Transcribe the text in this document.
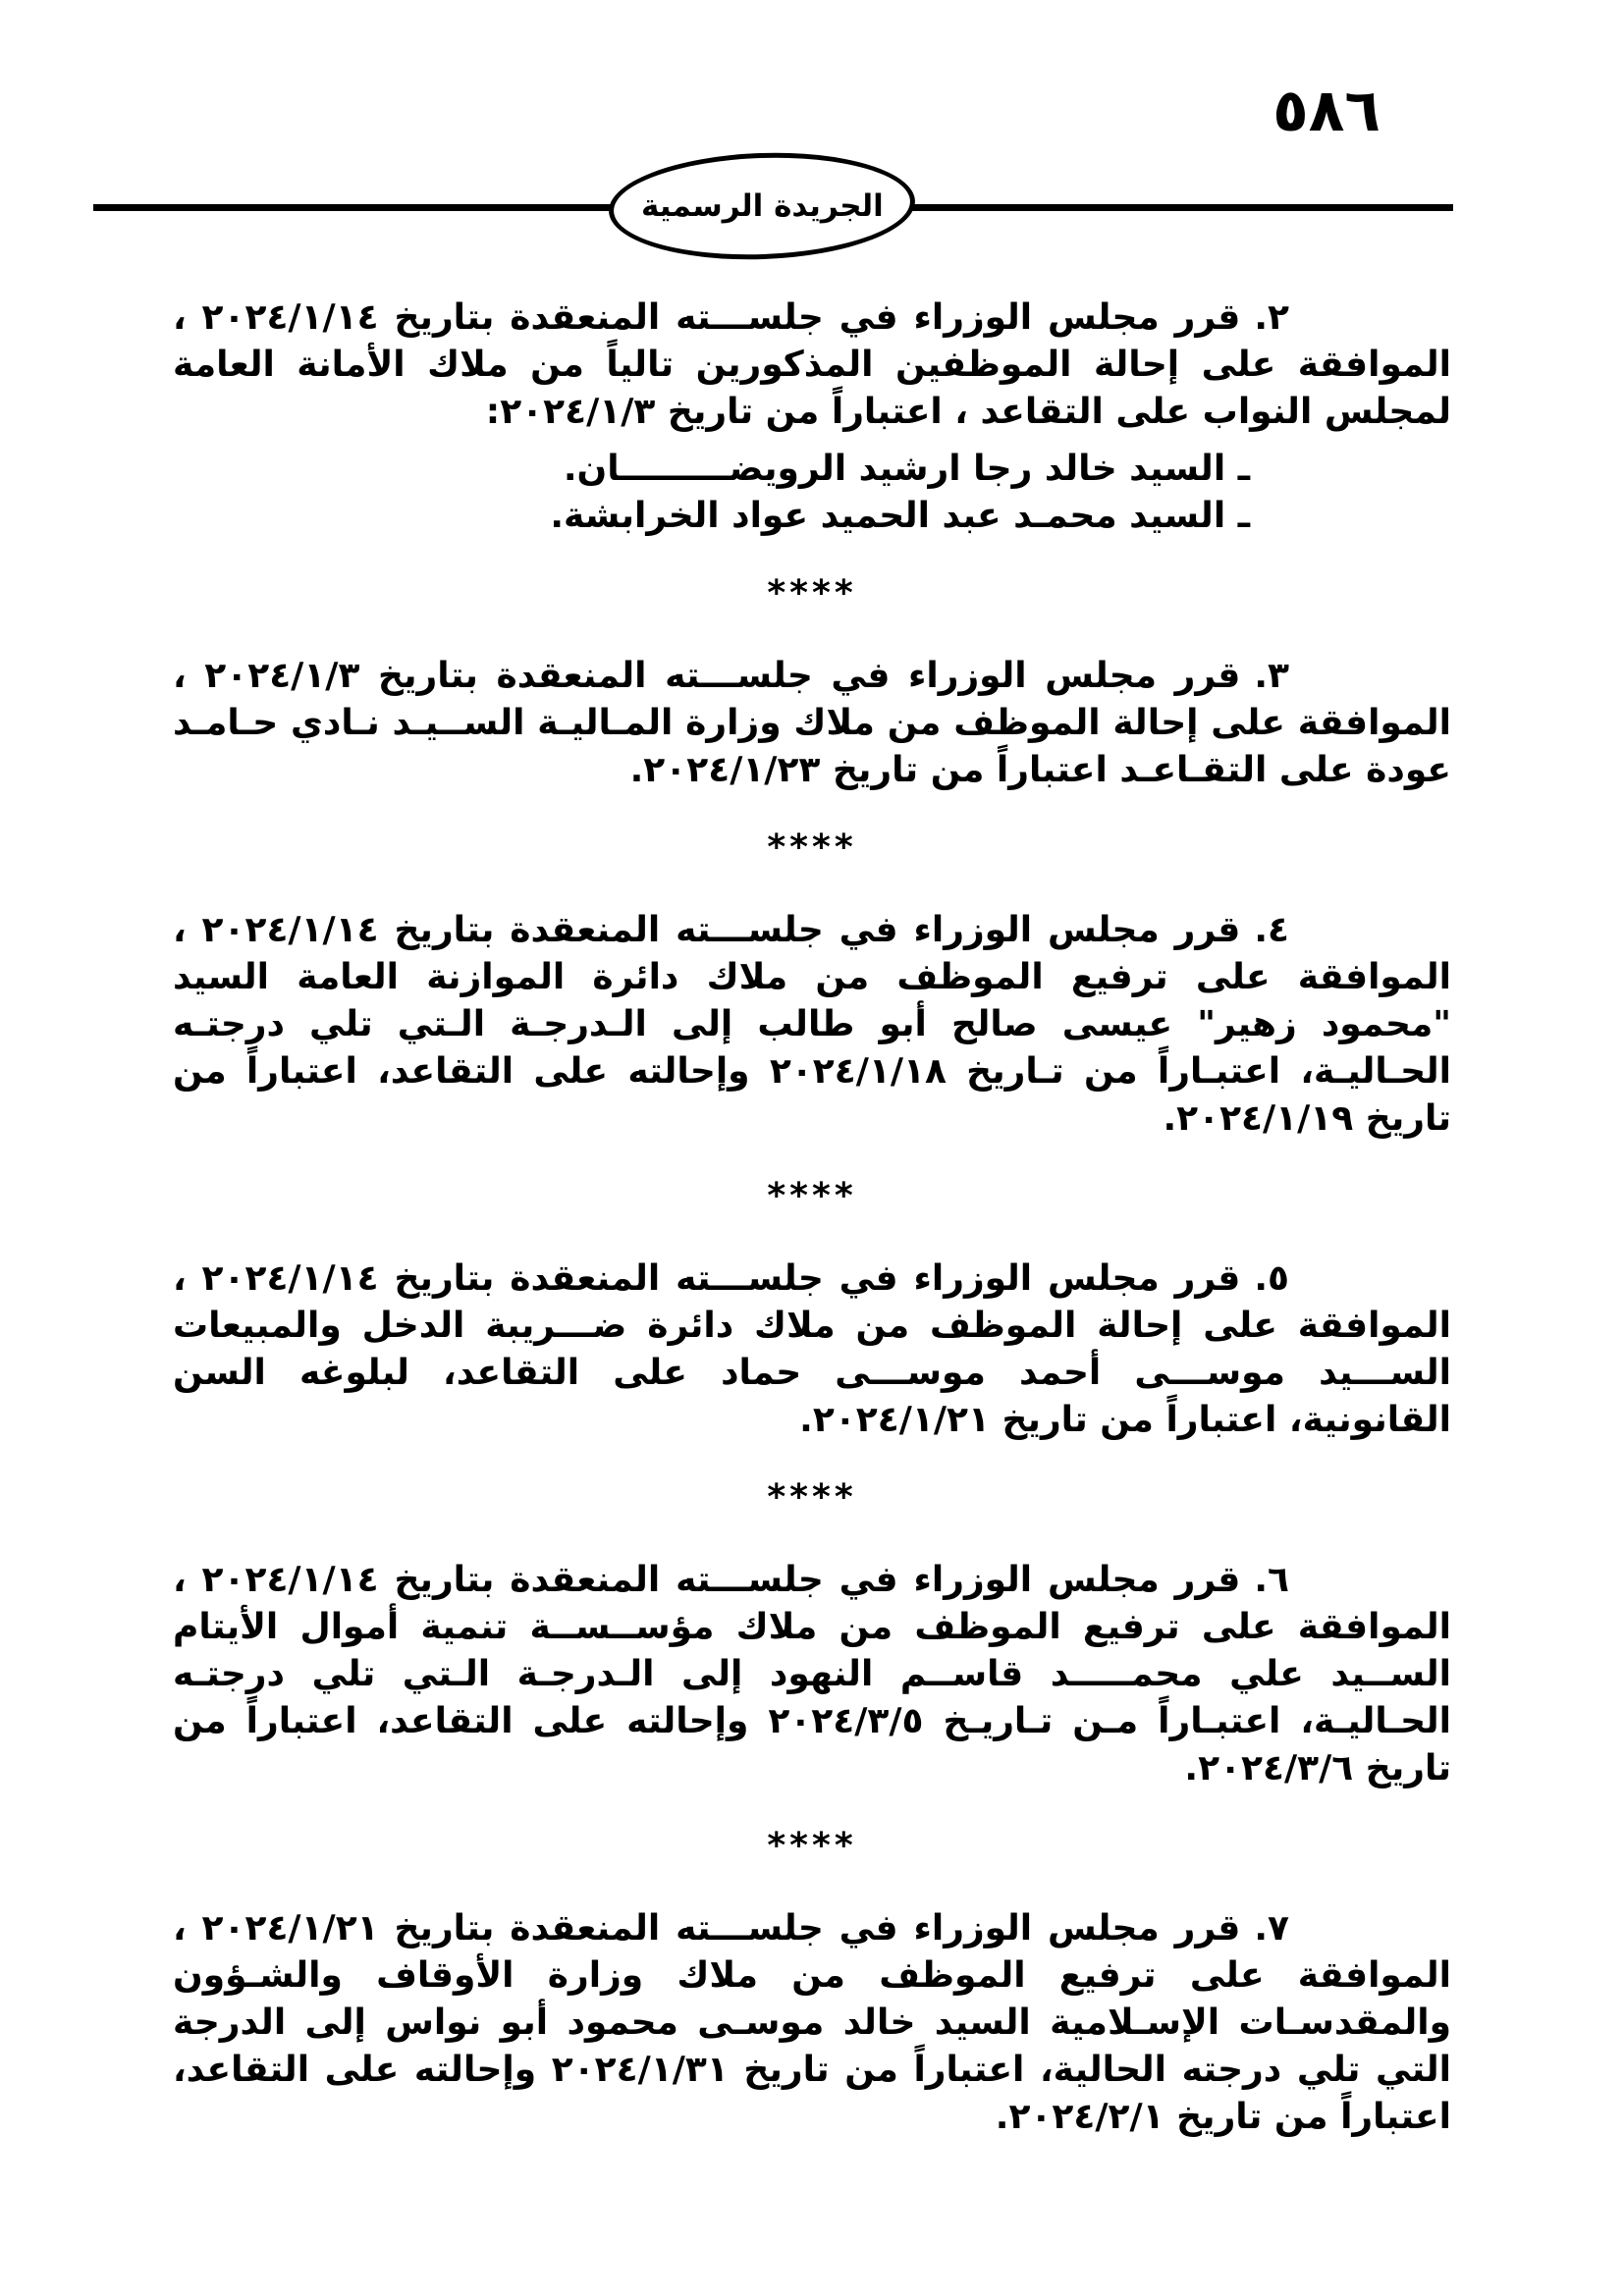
٥٨٦
الجريدة الرسمية

٢.قرر مجلس الوزراء في جلســـته المنعقدة بتاريخ ٢٠٢٤/١/١٤ ، الموافقة على إحالة الموظفين المذكورين تالياً من ملاك الأمانة العامة لمجلس النواب على التقاعد ، اعتباراً من تاريخ ٢٠٢٤/١/٣:

ـ السيد خالد رجا ارشيد الرويضـــــــــان.
ـ السيد محمـد عبد الحميد عواد الخرابشة.
****

٣.قرر مجلس الوزراء في جلســـته المنعقدة بتاريخ ٢٠٢٤/١/٣ ، الموافقة على إحالة الموظف من ملاك وزارة المـاليـة الســيـد نـادي حـامـد عودة على التقـاعـد اعتباراً من تاريخ ٢٠٢٤/١/٢٣.

****

٤.قرر مجلس الوزراء في جلســـته المنعقدة بتاريخ ٢٠٢٤/١/١٤ ، الموافقة على ترفيع الموظف من ملاك دائرة الموازنة العامة السيد "محمود زهير" عيسى صالح أبو طالب إلى الـدرجـة الـتي تلي درجتـه الحـاليـة، اعتبـاراً من تـاريخ ٢٠٢٤/١/١٨ وإحالته على التقاعد، اعتباراً من تاريخ ٢٠٢٤/١/١٩.

****

٥.قرر مجلس الوزراء في جلســـته المنعقدة بتاريخ ٢٠٢٤/١/١٤ ، الموافقة على إحالة الموظف من ملاك دائرة ضـــريبة الدخل والمبيعات الســـيد موســـى أحمد موســـى حماد على التقاعد، لبلوغه السن القانونية، اعتباراً من تاريخ ٢٠٢٤/١/٢١.

****

٦.قرر مجلس الوزراء في جلســـته المنعقدة بتاريخ ٢٠٢٤/١/١٤ ، الموافقة على ترفيع الموظف من ملاك مؤســســة تنمية أموال الأيتام الســيد علي محمـــــد قاســم النهود إلى الـدرجـة الـتي تلي درجتـه الحـاليـة، اعتبـاراً مـن تـاريـخ ٢٠٢٤/٣/٥ وإحالته على التقاعد، اعتباراً من تاريخ ٢٠٢٤/٣/٦.

****

٧.قرر مجلس الوزراء في جلســـته المنعقدة بتاريخ ٢٠٢٤/١/٢١ ، الموافقة على ترفيع الموظف من ملاك وزارة الأوقاف والشـؤون والمقدسـات الإسـلامية السيد خالد موسـى محمود أبو نواس إلى الدرجة التي تلي درجته الحالية، اعتباراً من تاريخ ٢٠٢٤/١/٣١ وإحالته على التقاعد، اعتباراً من تاريخ ٢٠٢٤/٢/١.
